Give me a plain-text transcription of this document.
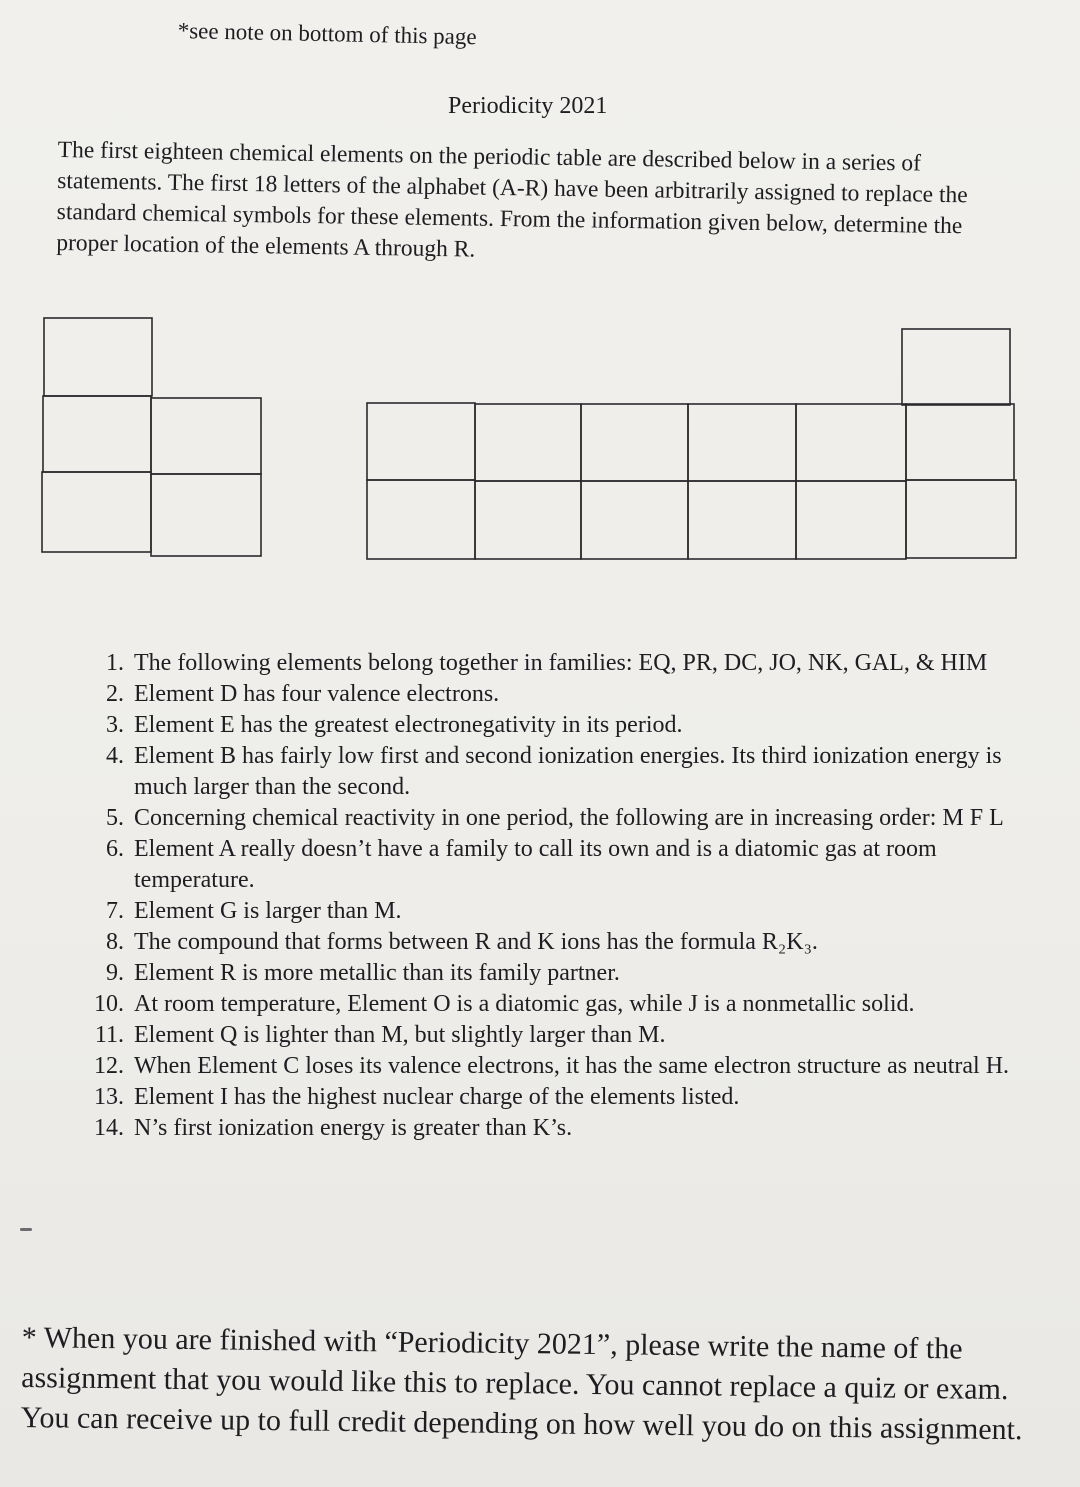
*see note on bottom of this page
Periodicity 2021
The first eighteen chemical elements on the periodic table are described below in a series of statements. The first 18 letters of the alphabet (A-R) have been arbitrarily assigned to replace the standard chemical symbols for these elements. From the information given below, determine the proper location of the elements A through R.
1. The following elements belong together in families: EQ, PR, DC, JO, NK, GAL, & HIM
2. Element D has four valence electrons.
3. Element E has the greatest electronegativity in its period.
4. Element B has fairly low first and second ionization energies. Its third ionization energy is much larger than the second.
5. Concerning chemical reactivity in one period, the following are in increasing order: M F L
6. Element A really doesn’t have a family to call its own and is a diatomic gas at room temperature.
7. Element G is larger than M.
8. The compound that forms between R and K ions has the formula R₂K₃.
9. Element R is more metallic than its family partner.
10. At room temperature, Element O is a diatomic gas, while J is a nonmetallic solid.
11. Element Q is lighter than M, but slightly larger than M.
12. When Element C loses its valence electrons, it has the same electron structure as neutral H.
13. Element I has the highest nuclear charge of the elements listed.
14. N’s first ionization energy is greater than K’s.
* When you are finished with “Periodicity 2021”, please write the name of the assignment that you would like this to replace. You cannot replace a quiz or exam. You can receive up to full credit depending on how well you do on this assignment.
